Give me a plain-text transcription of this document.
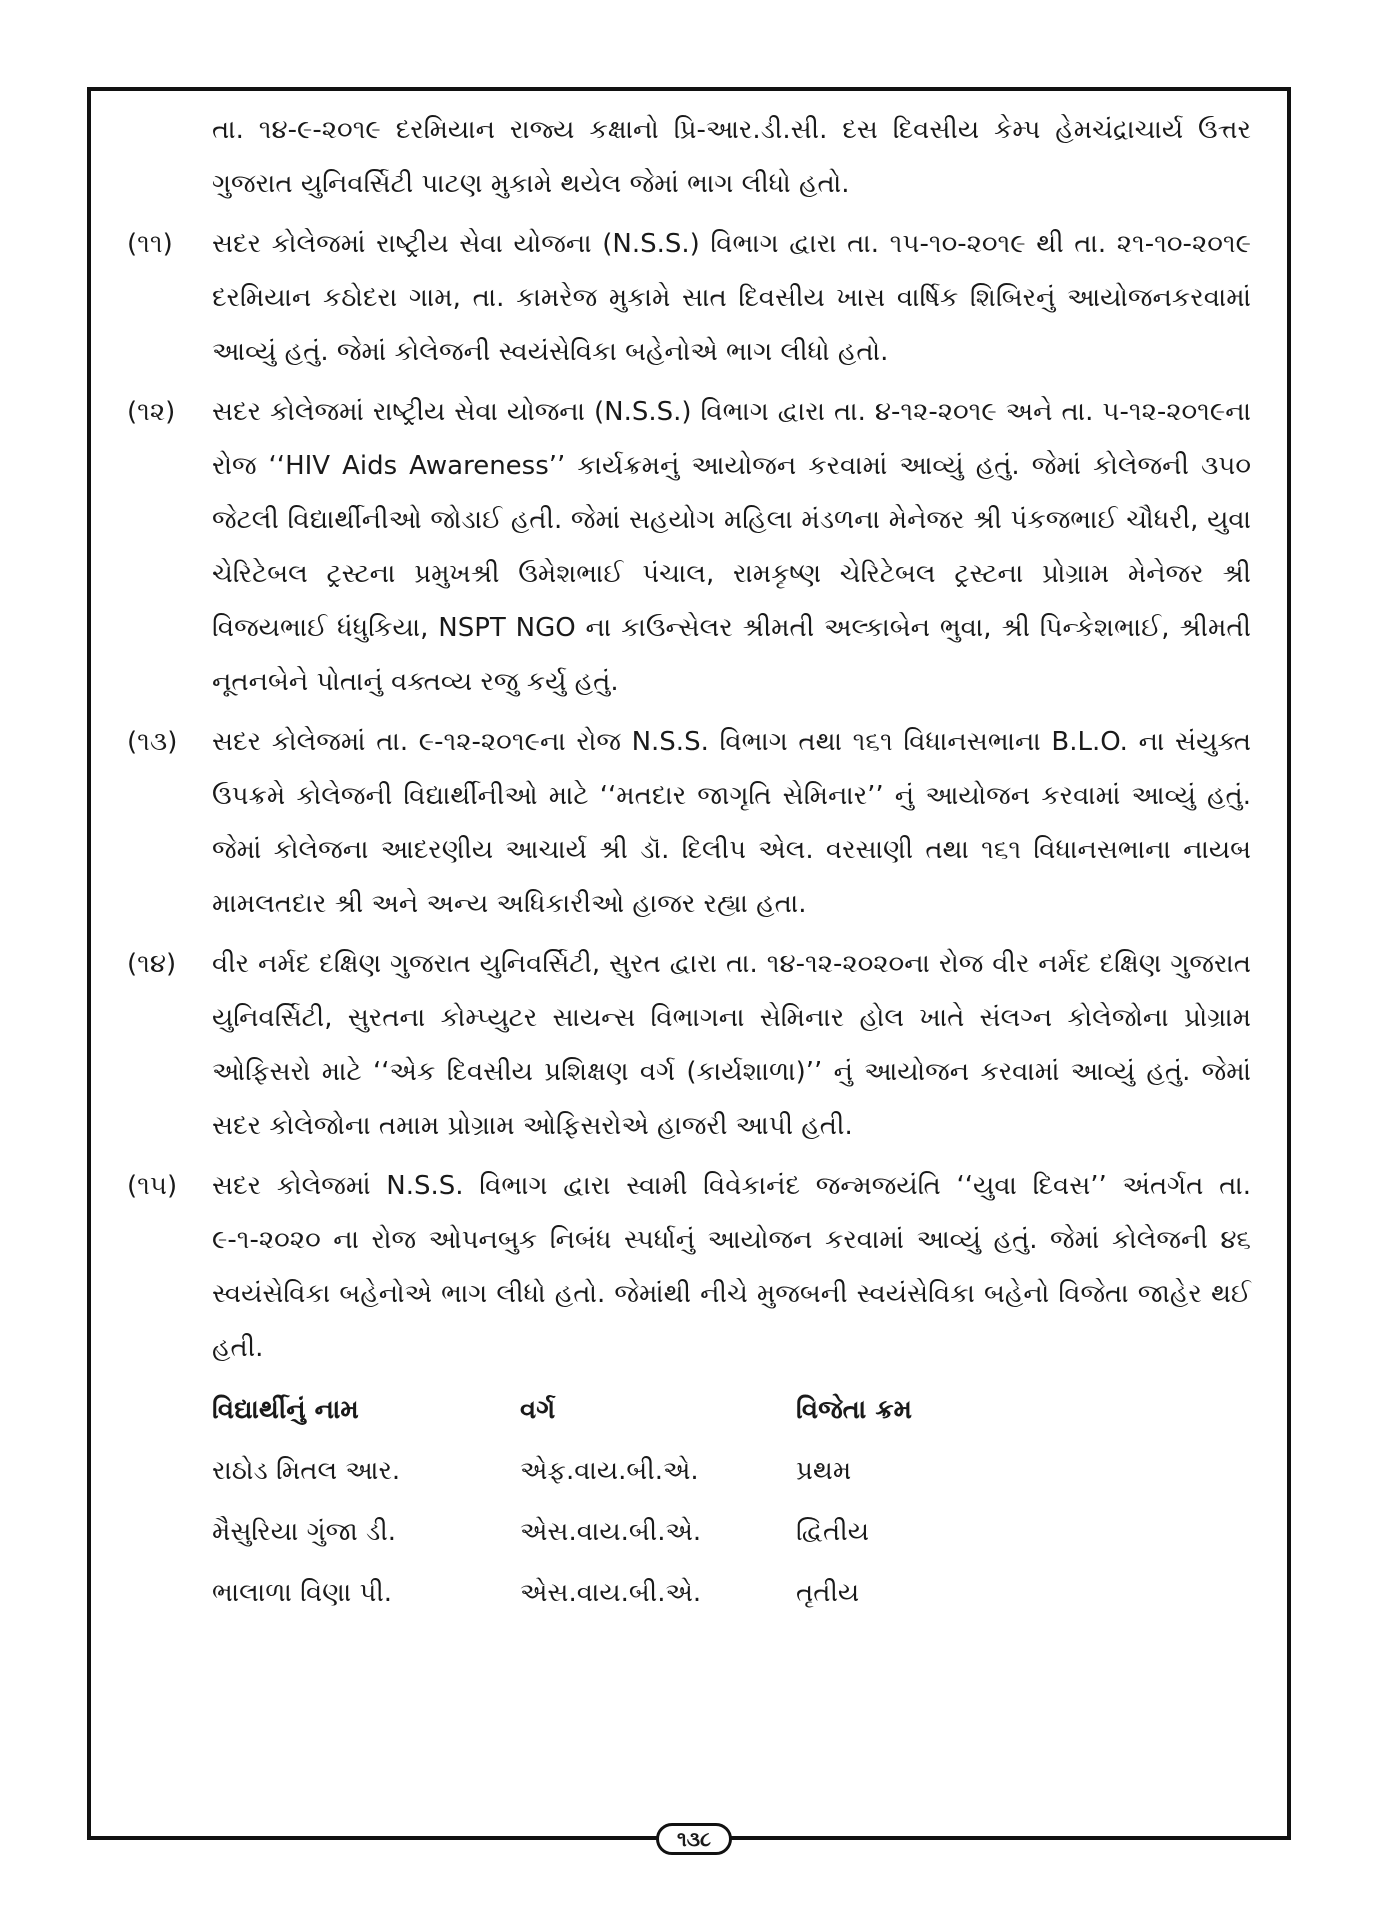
તા. ૧૪-૯-૨૦૧૯ દરમિયાન રાજ્ય કક્ષાનો પ્રિ-આર.ડી.સી. દસ દિવસીય કેમ્પ હેમચંદ્રાચાર્ય ઉત્તર ગુજરાત યુનિવર્સિટી પાટણ મુકામે થયેલ જેમાં ભાગ લીધો હતો.
(૧૧)	સદર કોલેજમાં રાષ્ટ્રીય સેવા યોજના (N.S.S.) વિભાગ દ્વારા તા. ૧૫-૧૦-૨૦૧૯ થી તા. ૨૧-૧૦-૨૦૧૯ દરમિયાન કઠોદરા ગામ, તા. કામરેજ મુકામે સાત દિવસીય ખાસ વાર્ષિક શિબિરનું આયોજનકરવામાં આવ્યું હતું. જેમાં કોલેજની સ્વયંસેવિકા બહેનોએ ભાગ લીધો હતો.
(૧૨)	સદર કોલેજમાં રાષ્ટ્રીય સેવા યોજના (N.S.S.) વિભાગ દ્વારા તા. ૪-૧૨-૨૦૧૯ અને તા. ૫-૧૨-૨૦૧૯ના રોજ ‘‘HIV Aids Awareness’’ કાર્યક્રમનું આયોજન કરવામાં આવ્યું હતું. જેમાં કોલેજની ૩૫૦ જેટલી વિદ્યાર્થીનીઓ જોડાઈ હતી. જેમાં સહયોગ મહિલા મંડળના મેનેજર શ્રી પંકજભાઈ ચૌધરી, યુવા ચેરિટેબલ ટ્રસ્ટના પ્રમુખશ્રી ઉમેશભાઈ પંચાલ, રામકૃષ્ણ ચેરિટેબલ ટ્રસ્ટના પ્રોગ્રામ મેનેજર શ્રી વિજયભાઈ ધંધુકિયા, NSPT NGO ના કાઉન્સેલર શ્રીમતી અલ્કાબેન ભુવા, શ્રી પિન્કેશભાઈ, શ્રીમતી નૂતનબેને પોતાનું વક્તવ્ય રજુ કર્યુ હતું.
(૧૩)	સદર કોલેજમાં તા. ૯-૧૨-૨૦૧૯ના રોજ N.S.S. વિભાગ તથા ૧૬૧ વિધાનસભાના B.L.O. ના સંયુક્ત ઉપક્રમે કોલેજની વિદ્યાર્થીનીઓ માટે ‘‘મતદાર જાગૃતિ સેમિનાર’’ નું આયોજન કરવામાં આવ્યું હતું. જેમાં કોલેજના આદરણીય આચાર્ય શ્રી ડૉ. દિલીપ એલ. વરસાણી તથા ૧૬૧ વિધાનસભાના નાયબ મામલતદાર શ્રી અને અન્ય અધિકારીઓ હાજર રહ્યા હતા.
(૧૪)	વીર નર્મદ દક્ષિણ ગુજરાત યુનિવર્સિટી, સુરત દ્વારા તા. ૧૪-૧૨-૨૦૨૦ના રોજ વીર નર્મદ દક્ષિણ ગુજરાત યુનિવર્સિટી, સુરતના કોમ્પ્યુટર સાયન્સ વિભાગના સેમિનાર હોલ ખાતે સંલગ્ન કોલેજોના પ્રોગ્રામ ઓફિસરો માટે ‘‘એક દિવસીય પ્રશિક્ષણ વર્ગ (કાર્યશાળા)’’ નું આયોજન કરવામાં આવ્યું હતું. જેમાં સદર કોલેજોના તમામ પ્રોગ્રામ ઓફિસરોએ હાજરી આપી હતી.
(૧૫)	સદર કોલેજમાં N.S.S. વિભાગ દ્વારા સ્વામી વિવેકાનંદ જન્મજયંતિ ‘‘યુવા દિવસ’’ અંતર્ગત તા. ૯-૧-૨૦૨૦ ના રોજ ઓપનબુક નિબંધ સ્પર્ધાનું આયોજન કરવામાં આવ્યું હતું. જેમાં કોલેજની ૪૬ સ્વયંસેવિકા બહેનોએ ભાગ લીધો હતો. જેમાંથી નીચે મુજબની સ્વયંસેવિકા બહેનો વિજેતા જાહેર થઈ હતી.
વિદ્યાર્થીનું નામ	વર્ગ	વિજેતા ક્રમ
રાઠોડ મિતલ આર.	એફ.વાય.બી.એ.	પ્રથમ
મૈસુરિયા ગુંજા ડી.	એસ.વાય.બી.એ.	દ્વિતીય
ભાલાળા વિણા પી.	એસ.વાય.બી.એ.	તૃતીય
૧૩૮
